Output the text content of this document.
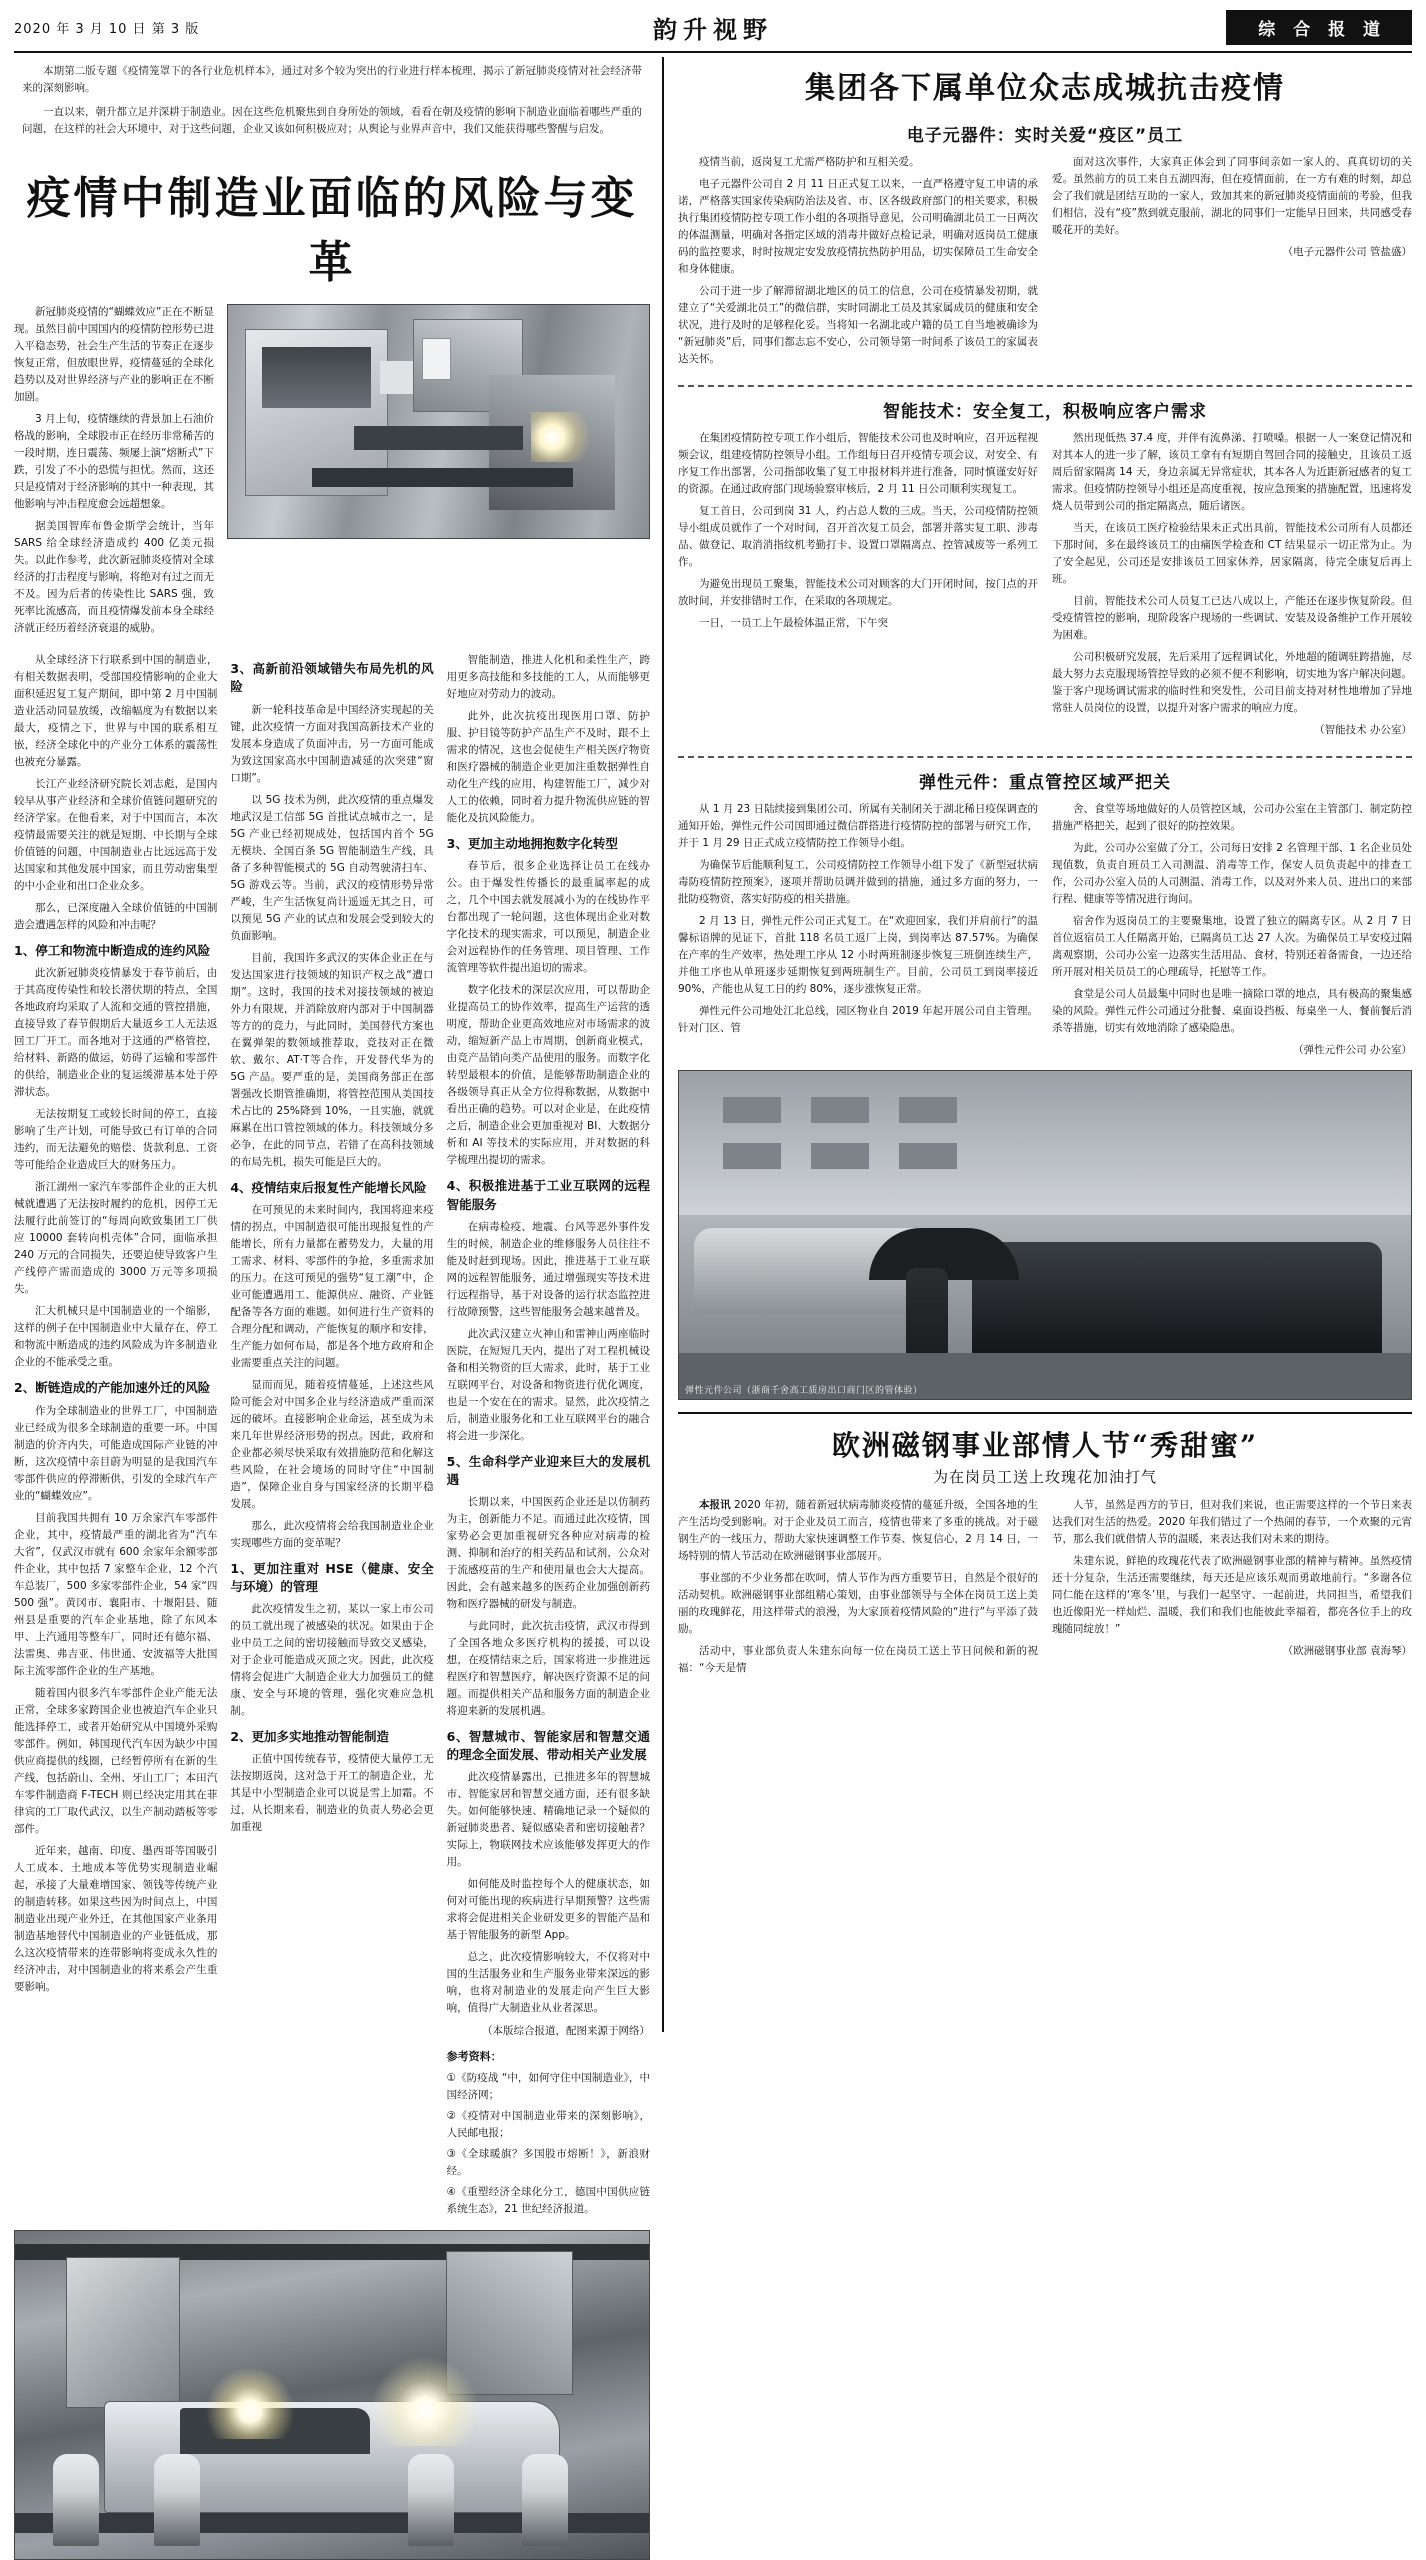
2020 年 3 月 10 日 第 3 版	韵升视野	综 合 报 道

本期第二版专题《疫情笼罩下的各行业危机样本》，通过对多个较为突出的行业进行样本梳理，揭示了新冠肺炎疫情对社会经济带来的深刻影响。

一直以来，朝升都立足并深耕于制造业。因在这些危机聚焦到自身所处的领域，看看在朝及疫情的影响下制造业面临着哪些严重的问题，在这样的社会大环境中，对于这些问题，企业又该如何积极应对；从舆论与业界声音中，我们又能获得哪些警醒与启发。

疫情中制造业面临的风险与变革

新冠肺炎疫情的“蝴蝶效应”正在不断显现。虽然目前中国国内的疫情防控形势已进入平稳态势，社会生产生活的节奏正在逐步恢复正常，但放眼世界，疫情蔓延的全球化趋势以及对世界经济与产业的影响正在不断加剧。

3 月上旬，疫情继续的背景加上石油价格战的影响，全球股市正在经历非常稀苦的一段时期，连日震荡、频屡上演“熔断式”下跌，引发了不小的恐慌与担忧。然而，这还只是疫情对于经济影响的其中一种表现，其他影响与冲击程度愈会远超想象。

据美国智库布鲁金斯学会统计，当年 SARS 给全球经济造成约 400 亿美元损失。以此作参考，此次新冠肺炎疫情对全球经济的打击程度与影响，将绝对有过之而无不及。因为后者的传染性比 SARS 强，致死率比流感高，而且疫情爆发前本身全球经济就正经历着经济衰退的威胁。

从全球经济下行联系到中国的制造业，有相关数据表明，受部国疫情影响的企业大面积延迟复工复产期间，即中第 2 月中国制造业活动同显放缓，改缩幅度为有数据以来最大，疫情之下，世界与中国的联系相互嵌，经济全球化中的产业分工体系的震荡性也被充分暴露。

长江产业经济研究院长刘志彪，是国内较早从事产业经济和全球价值链问题研究的经济学家。在他看来，对于中国而言，本次疫情最需要关注的就是短期、中长期与全球价值链的问题，中国制造业占比远远高于发达国家和其他发展中国家，而且劳动密集型的中小企业和出口企业众多。

那么，已深度融入全球价值链的中国制造会遭遇怎样的风险和冲击呢？

1、停工和物流中断造成的连约风险

此次新冠肺炎疫情暴发于春节前后，由于其高度传染性和较长潜伏期的特点，全国各地政府均采取了人流和交通的管控措施，直接导致了春节假期后大量返乡工人无法返回工厂开工。而各地对于这通的严格管控，给材料、新路的做运，妨碍了运输和零部件的供给，制造业企业的复运缓滞基本处于停滞状态。

无法按期复工或较长时间的停工，直接影响了生产计划，可能导致已有订单的合同违约，而无法避免的赔偿、货款利息、工资等可能给企业造成巨大的财务压力。

浙江湖州一家汽车零部件企业的正大机械就遭遇了无法按时履约的危机，因停工无法履行此前签订的“每周向欧致集团工厂供应 10000 套转向机壳体”合同，面临承担 240 万元的合同损失，还要迫使导致客户生产线停产需而造成的 3000 万元等多项损失。

汇大机械只是中国制造业的一个缩影，这样的例子在中国制造业中大量存在，停工和物流中断造成的违约风险成为许多制造业企业的不能承受之重。

2、断链造成的产能加速外迁的风险

作为全球制造业的世界工厂，中国制造业已经成为很多全球制造的重要一环。中国制造的价齐内失，可能造成国际产业链的冲断，这次疫情中亲目蔚为明显的是我国汽车零部件供应的停滞断供，引发的全球汽车产业的“蝴蝶效应”。

目前我国共拥有 10 万余家汽车零部件企业，其中，疫情最严重的湖北省为“汽车大省”，仅武汉市就有 600 余家年余额零部件企业，其中包括 7 家整车企业，12 个汽车总装厂，500 多家零部件企业，54 家“四 500 强”。黄冈市、襄阳市、十堰阳县、随州县是重要的汽车企业基地，除了东风本甲、上汽通用等整车厂，同时还有德尔福、法雷奥、弗吉亚、伟世通、安波福等大批国际主流零部件企业的生产基地。

随着国内很多汽车零部件企业产能无法正常，全球多家跨国企业也被迫汽车企业只能选择停工，或者开始研究从中国境外采购零部件。例如，韩国现代汽车因为缺少中国供应商提供的线圈，已经暂停所有在新的生产线，包括蔚山、全州、牙山工厂；本田汽车零件制造商 F-TECH 则已经决定用其在菲律宾的工厂取代武汉，以生产制动踏板等零部件。

近年来，越南、印度、墨西哥等国吸引人工成本、土地成本等优势实现制造业崛起，承接了大量难增国家、领钱等传统产业的制造转移。如果这些因为时间点上，中国制造业出现产业外迁，在其他国家产业条用制造基地替代中国制造业的产业链低成，那么这次疫情带来的连带影响将变成永久性的经济冲击，对中国制造业的将来系会产生重要影响。

3、高新前沿领域错失布局先机的风险

新一轮科技革命是中国经济实现起的关键，此次疫情一方面对我国高新技术产业的发展本身造成了负面冲击，另一方面可能成为致这国家高水中国制造减延的次突建“窗口期”。

以 5G 技术为例，此次疫情的重点爆发地武汉是工信部 5G 首批试点城市之一，是 5G 产业已经初规成处，包括国内首个 5G 无模块、全国百条 5G 智能制造生产线，具备了多种智能模式的 5G 自动驾驶清扫车、5G 游戏云等。当前，武汉的疫情形势异常严峻，生产生活恢复尚计遥遥无其之日，可以预见 5G 产业的试点和发展会受到较大的负面影响。

目前，我国许多武汉的实体企业正在与发达国家进行技领域的知识产权之战“遭口期”。这时，我国的技术对接技领域的被迫外力有限规，并消除放府内部对于中国制器等方的的竞力，与此同时，美国替代方案也在翼弹架的数领域推荐取，竞技对正在微软、戴尔、AT·T等合作，开发替代华为的 5G 产品。要严重的是，美国商务部正在部署强改长期管推确期，将管控范围从美国技术占比的 25%降到 10%，一且实施，就就麻累在出口管控领域的体力。科技领域分多必争，在此的同节点，若错了在高科技领域的布局先机，损失可能是巨大的。

4、疫情结束后报复性产能增长风险

在可预见的未来时间内，我国将迎来疫情的拐点，中国制造很可能出现报复性的产能增长，所有力量都在蓄势发力，大量的用工需求、材料、零部件的争抢，多重需求加的压力。在这可预见的强势“复工潮”中，企业可能遭遇用工、能源供应、融资、产业链配备等各方面的难题。如何进行生产资料的合理分配和调动，产能恢复的顺序和安排，生产能力如何布局，都是各个地方政府和企业需要重点关注的问题。

显而而见，随着疫情蔓延，上述这些风险可能会对中国多企业与经济造成严重而深远的破坏。直接影响企业命运，甚至成为未来几年世界经济形势的拐点。因此，政府和企业都必须尽快采取有效措施防范和化解这些风险，在社会境场的同时守住“中国制造”，保障企业自身与国家经济的长期平稳发展。

那么，此次疫情将会给我国制造业企业实现哪些方面的变革呢？

1、更加注重对 HSE（健康、安全与环境）的管理

此次疫情发生之初，某以一家上市公司的员工就出现了被感染的状况。如果由于企业中员工之间的密切接触而导致交叉感染，对于企业可能造成灭顶之灾。因此，此次疫情将会促进广大制造企业大力加强员工的健康、安全与环境的管理，强化灾难应急机制。

2、更加多实地推动智能制造

正值中国传统春节，疫情使大量停工无法按期返岗，这对急于开工的制造企业，尤其是中小型制造企业可以说是雪上加霜。不过，从长期来看，制造业的负责人势必会更加重视

智能制造，推进人化机和柔性生产，跨用更多高技能和多技能的工人，从而能够更好地应对劳动力的波动。

此外，此次抗疫出现医用口罩、防护服、护目镜等防护产品生产不及时，跟不上需求的情况，这也会促使生产相关医疗物资和医疗器械的制造企业更加注重数据弹性自动化生产线的应用，构建智能工厂，减少对人工的依赖，同时着力提升物流供应链的智能化及抗风险能力。

3、更加主动地拥抱数字化转型

春节后，很多企业选择让员工在线办公。由于爆发性传播长的最重属率起的成之，几个中国去就发展减小为的在线协作平台都出现了一轮问题，这也体现出企业对数字化技术的现实需求，可以预见，制造企业会对远程协作的任务管理、项目管理、工作流管理等软件提出追切的需求。

数字化技术的深层次应用，可以帮助企业提高员工的协作效率，提高生产运营的透明度，帮助企业更高效地应对市场需求的波动，缩短新产品上市周期，创新商业模式，由竞产品销向类产品使用的服务。而数字化转型最根本的价值，是能够帮助制造企业的各级领导真正从全方位得称数据，从数据中看出正确的趋势。可以对企业是，在此疫情之后，制造企业会更加重视对 BI、大数据分析和 AI 等技术的实际应用，并对数据的科学梳理出提切的需求。

4、积极推进基于工业互联网的远程智能服务

在病毒检疫、地震、台风等恶外事件发生的时候，制造企业的维修服务人员往往不能及时赶到现场。因此，推进基于工业互联网的远程智能服务，通过增强现实等技术进行远程指导，基于对设备的运行状态监控进行故障预警，这些智能服务会越来越普及。

此次武汉建立火神山和雷神山两座临时医院，在短短几天内，提出了对工程机械设备和相关物资的巨大需求，此时，基于工业互联网平台，对设备和物资进行优化调度，也是一个安在在的需求。显然，此次疫情之后，制造业服务化和工业互联网平台的融合将会进一步深化。

5、生命科学产业迎来巨大的发展机遇

长期以来，中国医药企业还是以仿制药为主，创新能力不足。而通过此次疫情，国家势必会更加重视研究各种应对病毒的检测、抑制和治疗的相关药品和试剂，公众对于流感疫苗的生产和使用量也会大大提高。因此，会有越来越多的医药企业加强创新药物和医疗器械的研发与制造。

与此同时，此次抗击疫情，武汉市得到了全国各地众多医疗机构的援援，可以设想，在疫情结束之后，国家将进一步推进远程医疗和智慧医疗，解决医疗资源不足的问题。而提供相关产品和服务方面的制造企业将迎来新的发展机遇。

6、智慧城市、智能家居和智慧交通的理念全面发展、带动相关产业发展

此次疫情暴露出，已推进多年的智慧城市、智能家居和智慧交通方面，还有很多缺失。如何能够快速、精确地记录一个疑似的新冠肺炎患者、疑似感染者和密切接触者？实际上，物联网技术应该能够发挥更大的作用。

如何能及时监控每个人的健康状态，如何对可能出现的疾病进行早期预警？这些需求将会促进相关企业研发更多的智能产品和基于智能服务的新型 App。

总之，此次疫情影响较大，不仅将对中国的生活服务业和生产服务业带来深远的影响，也将对制造业的发展走向产生巨大影响，值得广大制造业从业者深思。

（本版综合报道，配图来源于网络）

参考资料：

①《防疫战 “中，如何守住中国制造业》，中国经济网；

②《疫情对中国制造业带来的深刻影响》，人民邮电报；

③《全球暖旗？多国股市熔断！》，新浪财经。

④《重塑经济全球化分工，德国中国供应链系统生态》，21 世纪经济报道。

集团各下属单位众志成城抗击疫情
电子元器件：实时关爱“疫区”员工

疫情当前，返岗复工尤需严格防护和互相关爱。

电子元器件公司自 2 月 11 日正式复工以来，一直严格遵守复工申请的承诺，严格落实国家传染病防治法及省、市、区各级政府部门的相关要求，积极执行集团疫情防控专项工作小组的各项指导意见，公司明确湖北员工一日两次的体温测量，明确对各指定区域的消毒井做好点检记录，明确对返岗员工健康码的监控要求，时时按规定安发放疫情抗热防护用品，切实保障员工生命安全和身体健康。

公司于进一步了解滞留湖北地区的员工的信息，公司在疫情暴发初期，就建立了“关爱湖北员工”的微信群，实时同湖北工员及其家属成员的健康和安全状况，进行及时的足够程化妥。当将知一名湖北或户籍的员工自当地被确诊为“新冠肺炎”后，同事们都志忘不安心，公司领导第一时间系了该员工的家属表达关怀。

面对这次事件，大家真正体会到了同事间亲如一家人的、真真切切的关爱。虽然前方的员工来自五湖四海，但在疫情面前，在一方有难的时刻，却总会了我们就是团结互助的一家人，致加其来的新冠肺炎疫情面前的考验，但我们相信，没有“疫”熬到就克服前，湖北的同事们一定能早日回来，共同感受春暖花开的美好。

（电子元器件公司 管盐盛）

智能技术：安全复工，积极响应客户需求

在集团疫情防控专项工作小组后，智能技术公司也及时响应，召开远程视频会议，组建疫情防控领导小组。工作组每日召开疫情专项会议，对安全、有序复工作出部署，公司指部收集了复工申报材料并进行准备，同时慎谨安好好的资源。在通过政府部门现场验察审核后，2 月 11 日公司顺利实现复工。

复工首日，公司到岗 31 人，约占总人数的三成。当天，公司疫情防控领导小组成员就作了一个对时间，召开首次复工员会，部署并落实复工职、涉毒品、做登记、取消消指纹机考勤打卡、设置口罩隔离点、控管减废等一系列工作。

为避免出现员工聚集，智能技术公司对顾客的大门开闭时间，按门点的开放时间，并安排错时工作，在采取的各项规定。

一日，一员工上午最检体温正常，下午突

然出现低热 37.4 度，并伴有流鼻涕、打喷嗓。根据一人一案登记情况和对其本人的进一步了解，该员工拿有有短期自驾回合同的接触史，且该员工返周后留家隔离 14 天，身边亲属无异常症状，其本各人为近距新冠感者的复工需求。但疫情防控领导小组还是高度重视，按应急预案的措施配置，迅速将发烧人员带到公司的指定隔离点，随后诸医。

当天，在该员工医疗检验结果未正式出具前，智能技术公司所有人员都还下那时间，多在最终该员工的由痛医学检查和 CT 结果显示一切正常为止。为了安全起见，公司还是安排该员工回家休养，居家隔离，待完全康复后再上班。

目前，智能技术公司人员复工已达八成以上，产能还在逐步恢复阶段。但受疫情管控的影响，现阶段客户现场的一些调试、安装及设备维护工作开展较为困难。

公司积极研究发展，先后采用了远程调试化，外地超的随调驻跨措施，尽最大努力去克服现场管控导致的必须不便不利影响，切实地为客户解决问题。鉴于客户现场调试需求的临时性和突发性，公司目前支持对材性地增加了异地常驻人员岗位的设置，以提升对客户需求的响应力度。

（智能技术 办公室）

弹性元件：重点管控区域严把关

从 1 月 23 日陆续接到集团公司、所属有关制闭关于湖北稀日疫保调查的通知开始，弹性元件公司国即通过微信群搭进行疫情防控的部署与研究工作，并于 1 月 29 日正式成立疫情防控工作领导小组。

为确保节后能顺利复工，公司疫情防控工作领导小组下发了《新型冠状病毒防疫情防控预案》，逐项并帮助员调并做到的措施，通过多方面的努力，一批防疫物资，落实好防疫的相关措施。

2 月 13 日，弹性元件公司正式复工。在“欢迎回家，我们并肩前行”的温馨标语牌的见证下，首批 118 名员工返厂上岗，到岗率达 87.57%。为确保在产率的生产效率，热处理工序从 12 小时两班制逐步恢复三班倒连续生产，并他工序也从单班逐步延期恢复到两班制生产。目前，公司员工到岗率接近 90%，产能也从复工日的约 80%，逐步涨恢复正常。

弹性元件公司地处江北总线，园区物业自 2019 年起开展公司自主管理。针对门区、管

舍、食堂等场地做好的人员管控区域，公司办公室在主管部门、制定防控措施严格把关，起到了很好的防控效果。

为此，公司办公室做了分工，公司每日安排 2 名管理干部、1 名企业员处现值数，负责自班员工入司测温、消毒等工作，保安人员负责起中的排查工作，公司办公室入员的人司测温、消毒工作，以及对外来人员、进出口的来部行程、健康等等情况进行询问。

宿舍作为返岗员工的主要聚集地，设置了独立的隔离专区。从 2 月 7 日首位返宿员工人任隔离开始，已隔离员工达 27 人次。为确保员工早安疫过隔离观察期，公司办公室一边落实生活用品、食材，特别还着备需食，一边还给所开展对相关员员工的心理疏导，托慰等工作。

食堂是公司人员最集中同时也是唯一摘除口罩的地点，具有极高的聚集感染的风险。弹性元件公司通过分批餐、桌面设挡板、每桌坐一人，餐前餐后消杀等措施，切实有效地消除了感染隐患。

（弹性元件公司 办公室）

弹性元件公司（浙商千舍高工质房出口商门区的管体验）
欧洲磁钢事业部情人节“秀甜蜜”
为在岗员工送上玫瑰花加油打气

本报讯 2020 年初，随着新冠状病毒肺炎疫情的蔓延升级，全国各地的生产生活均受到影响。对于企业及员工而言，疫情也带来了多重的挑战。对于磁钢生产的一线压力，帮助大家快速调整工作节奏、恢复信心，2 月 14 日，一场特别的情人节活动在欧洲磁钢事业部展开。

事业部的不少业务都在吹呵，情人节作为西方重要节日，自然是个很好的活动契机。欧洲磁钢事业部组精心策划，由事业部领导与全体在岗员工送上美丽的玫瑰鲜花，用这样带式的浪漫，为大家顶着疫情风险的“进行”与平添了鼓励。

活动中，事业部负责人朱建东向每一位在岗员工送上节日问候和新的祝福：“今天是情

人节，虽然是西方的节日，但对我们来说，也正需要这样的一个节日来表达我们对生活的热爱。2020 年我们错过了一个热闹的春节，一个欢聚的元宵节，那么我们就借情人节的温暖，来表达我们对未来的期待。

朱建东说，鲜艳的玫瑰花代表了欧洲磁钢事业部的精神与精神。虽然疫情还十分复杂，生活还需要继续，每天还是应该乐观而勇敢地前行。“多谢各位同仁能在这样的‘寒冬’里，与我们一起坚守、一起前进，共同担当，希望我们也近像阳光一样灿烂、温暖，我们和我们也能彼此幸福着，都亮各位手上的玫瑰随同绽放！”

（欧洲磁钢事业部 袁海琴）
